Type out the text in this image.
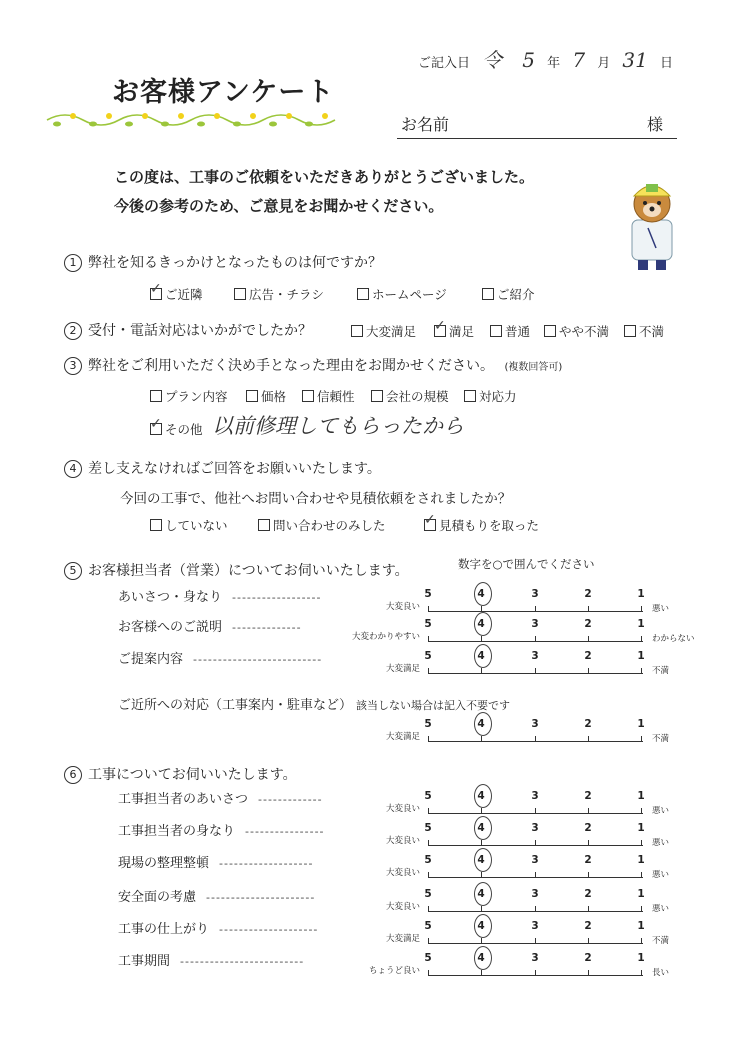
ご記入日 令 5 年 7 月 31 日
お客様アンケート
お名前	様
この度は、工事のご依頼をいただきありがとうございました。
今後の参考のため、ご意見をお聞かせください。
1 弊社を知るきっかけとなったものは何ですか？
✓ご近隣	広告・チラシ	ホームページ	ご紹介
2 受付・電話対応はいかがでしたか？	大変満足 ✓	満足	普通	やや不満	不満
3 弊社をご利用いただく決め手となった理由をお聞かせください。 (複数回答可)
プラン内容	価格	信頼性	会社の規模	対応力
✓その他 以前修理してもらったから
4 差し支えなければご回答をお願いいたします。
今回の工事で、他社へお問い合わせや見積依頼をされましたか？
していない	問い合わせのみした ✓	見積もりを取った
5 お客様担当者（営業）についてお伺いいたします。	数字を○で囲んでください
6 工事についてお伺いいたします。
あいさつ・身なり ------------------
大変良い
5	4	3	2	1
悪い
お客様へのご説明 --------------
大変わかりやすい
5	4	3	2	1
わからない
ご提案内容 --------------------------
大変満足
5	4	3	2	1
不満
ご近所への対応（工事案内・駐車など） 該当しない場合は記入不要です
大変満足
5	4	3	2	1
不満
工事担当者のあいさつ -------------
大変良い
5	4	3	2	1
悪い
工事担当者の身なり ----------------
大変良い
5	4	3	2	1
悪い
現場の整理整頓 -------------------
大変良い
5	4	3	2	1
悪い
安全面の考慮 ----------------------
大変良い
5	4	3	2	1
悪い
工事の仕上がり --------------------
大変満足
5	4	3	2	1
不満
工事期間 -------------------------
ちょうど良い
5	4	3	2	1
長い
